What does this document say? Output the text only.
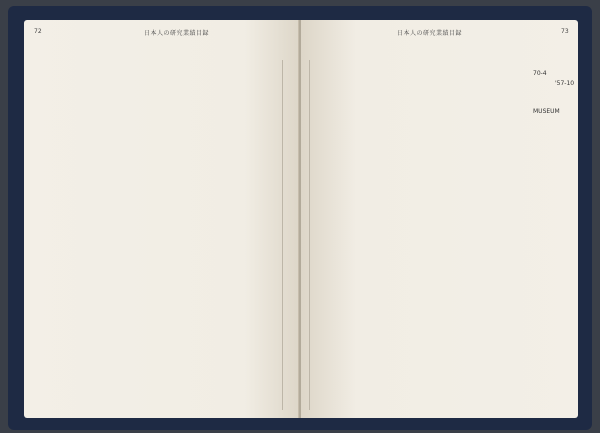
72	日本人の研究業績目録	73
日本人の研究業績目録
MUSEUM
70-4
'57-10
